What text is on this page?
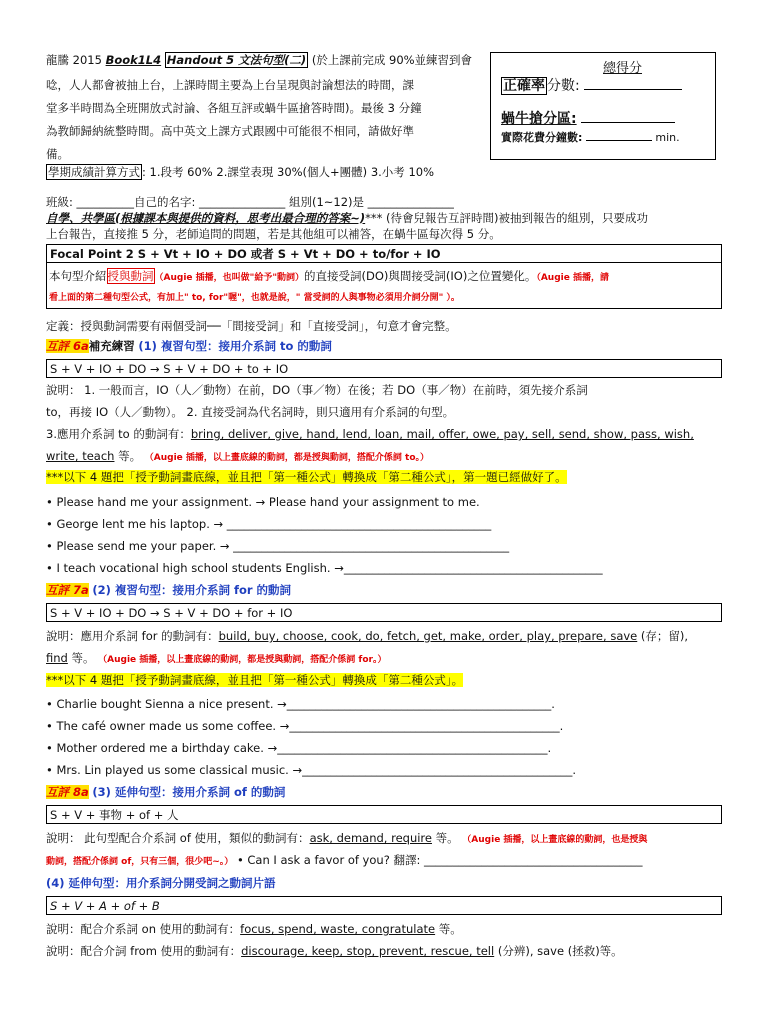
龍騰 2015 Book1L4 Handout 5 文法句型(二) (於上課前完成 90%並練習到會
唸，人人都會被抽上台，上課時間主要為上台呈現與討論想法的時間，課
堂多半時間為全班開放式討論、各組互評或蝸牛區搶答時間)。最後 3 分鐘
為教師歸納統整時間。高中英文上課方式跟國中可能很不相同，請做好準
備。
學期成績計算方式 : 1.段考 60% 2.課堂表現 30%(個人+團體) 3.小考 10%
班級: __________自己的名字: _______________ 組別(1~12)是 _______________
總得分
正確率 分數:
蝸牛搶分區:
實際花費分鐘數:	min.
自學、共學區(根據課本與提供的資料，思考出最合理的答案~)*** (待會兒報告互評時間)被抽到報告的組別，只要成功
上台報告，直接推 5 分，老師追問的問題，若是其他組可以補答，在蝸牛區每次得 5 分。
Focal Point 2 S + Vt + IO + DO 或者 S + Vt + DO + to/for + IO
本句型介紹授與動詞（Augie 插播，也叫做"給予"動詞）的直接受詞(DO)與間接受詞(IO)之位置變化。（Augie 插播，請
看上面的第二種句型公式，有加上" to, for"喔"，也就是說，" 當受詞的人與事物必須用介詞分開" ）。
定義：授與動詞需要有兩個受詞──「間接受詞」和「直接受詞」，句意才會完整。
互評 6a補充練習 (1) 複習句型：接用介系詞 to 的動詞
S + V + IO + DO → S + V + DO + to + IO
說明： 1. 一般而言，IO（人／動物）在前，DO（事／物）在後；若 DO（事／物）在前時，須先接介系詞
to，再接 IO（人／動物）。 2. 直接受詞為代名詞時，則只適用有介系詞的句型。
3.應用介系詞 to 的動詞有：bring, deliver, give, hand, lend, loan, mail, offer, owe, pay, sell, send, show, pass, wish,
write, teach 等。 （Augie 插播，以上畫底線的動詞，都是授與動詞，搭配介係詞 to。）
***以下 4 題把「授予動詞畫底線，並且把「第一種公式」轉換成「第二種公式」，第一題已經做好了。
• Please hand me your assignment. → Please hand your assignment to me.
• George lent me his laptop. → ______________________________________________
• Please send me your paper. → ________________________________________________
• I teach vocational high school students English. →_____________________________________________
互評 7a (2) 複習句型：接用介系詞 for 的動詞
S + V + IO + DO → S + V + DO + for + IO
說明：應用介系詞 for 的動詞有：build, buy, choose, cook, do, fetch, get, make, order, play, prepare, save (存；留),
find 等。 （Augie 插播，以上畫底線的動詞，都是授與動詞，搭配介係詞 for。）
***以下 4 題把「授予動詞畫底線，並且把「第一種公式」轉換成「第二種公式」。
• Charlie bought Sienna a nice present. →______________________________________________.
• The café owner made us some coffee. →_______________________________________________.
• Mother ordered me a birthday cake. →_______________________________________________.
• Mrs. Lin played us some classical music. →_______________________________________________.
互評 8a (3) 延伸句型：接用介系詞 of 的動詞
S + V + 事物 + of + 人
說明： 此句型配合介系詞 of 使用，類似的動詞有：ask, demand, require 等。 （Augie 插播，以上畫底線的動詞，也是授與
動詞，搭配介係詞 of，只有三個，很少吧~。） • Can I ask a favor of you? 翻譯: ______________________________________
(4) 延伸句型：用介系詞分開受詞之動詞片語
S + V + A + of + B
說明：配合介系詞 on 使用的動詞有：focus, spend, waste, congratulate 等。
說明：配合介詞 from 使用的動詞有：discourage, keep, stop, prevent, rescue, tell (分辨), save (拯救)等。
